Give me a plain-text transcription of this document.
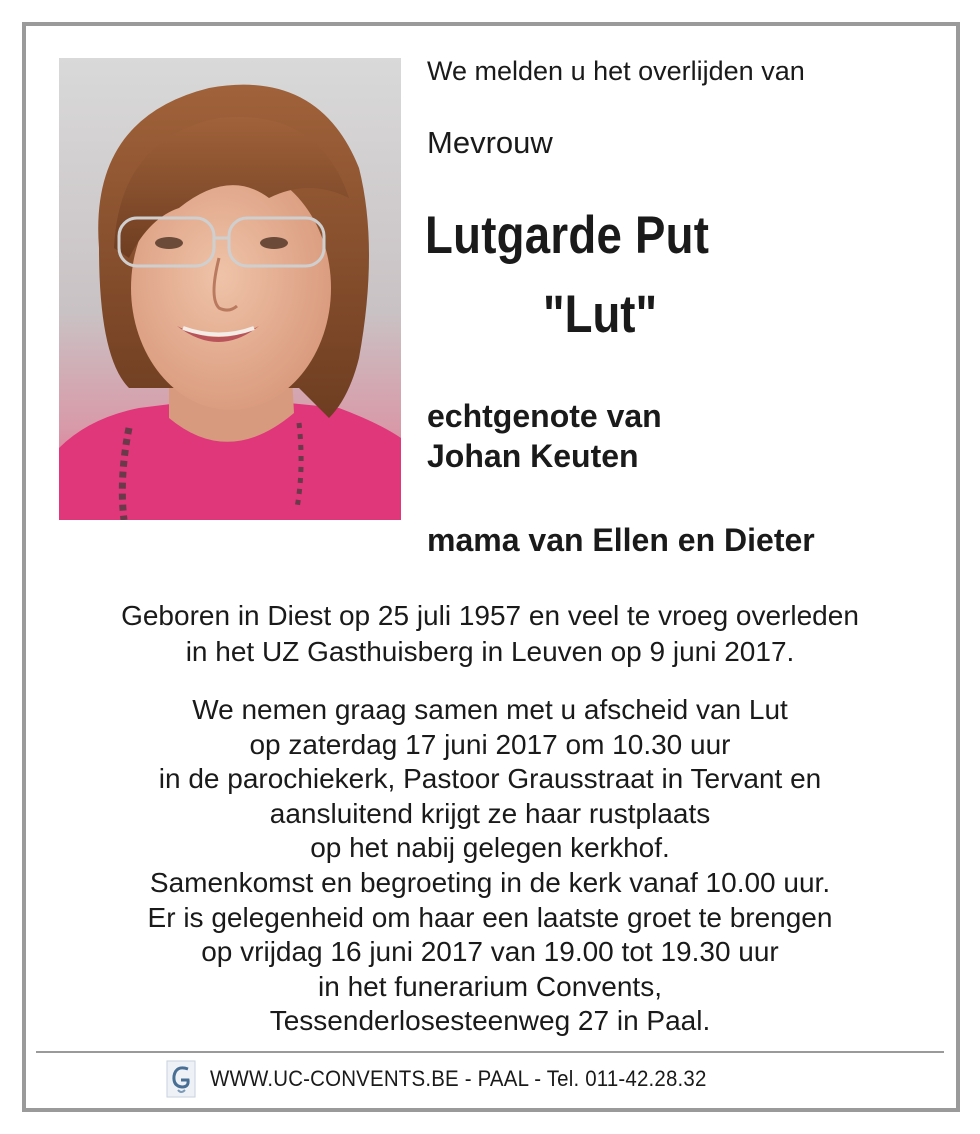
We melden u het overlijden van
Mevrouw
Lutgarde Put
"Lut"
echtgenote van
Johan Keuten
mama van Ellen en Dieter
Geboren in Diest op 25 juli 1957 en veel te vroeg overleden
in het UZ Gasthuisberg in Leuven op 9 juni 2017.
We nemen graag samen met u afscheid van Lut
op zaterdag 17 juni 2017 om 10.30 uur
in de parochiekerk, Pastoor Grausstraat in Tervant en
aansluitend krijgt ze haar rustplaats
op het nabij gelegen kerkhof.
Samenkomst en begroeting in de kerk vanaf 10.00 uur.
Er is gelegenheid om haar een laatste groet te brengen
op vrijdag 16 juni 2017 van 19.00 tot 19.30 uur
in het funerarium Convents,
Tessenderlosesteenweg 27 in Paal.
WWW.UC-CONVENTS.BE - PAAL - Tel. 011-42.28.32
